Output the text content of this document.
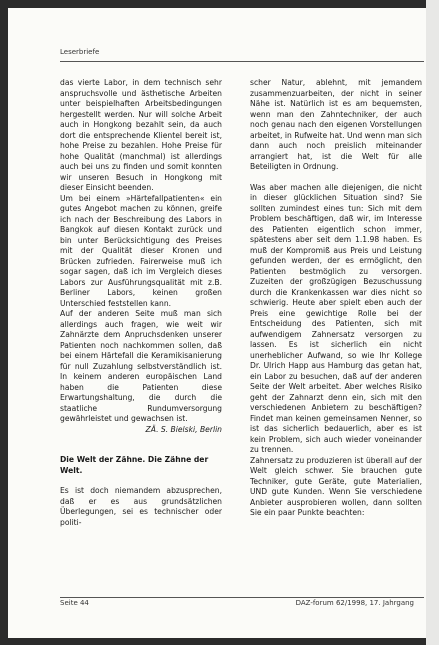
Leserbriefe

das vierte Labor, in dem technisch sehr anspruchsvolle und ästhetische Arbeiten unter beispielhaften Arbeitsbedingungen hergestellt werden. Nur will solche Arbeit auch in Hongkong bezahlt sein, da auch dort die entsprechende Klientel bereit ist, hohe Preise zu bezahlen. Hohe Preise für hohe Qualität (manchmal) ist allerdings auch bei uns zu finden und somit konnten wir unseren Besuch in Hongkong mit dieser Einsicht beenden.

Um bei einem »Härtefallpatienten« ein gutes Angebot machen zu können, greife ich nach der Beschreibung des Labors in Bangkok auf diesen Kontakt zurück und bin unter Berücksichtigung des Preises mit der Qualität dieser Kronen und Brücken zufrieden. Fairerweise muß ich sogar sagen, daß ich im Vergleich dieses Labors zur Ausführungsqualität mit z.B. Berliner Labors, keinen großen Unterschied feststellen kann.

Auf der anderen Seite muß man sich allerdings auch fragen, wie weit wir Zahnärzte dem Anpruchsdenken unserer Patienten noch nachkommen sollen, daß bei einem Härtefall die Keramikisanierung für null Zuzahlung selbstverständlich ist. In keinem anderen europäischen Land haben die Patienten diese Erwartungshaltung, die durch die staatliche Rundumversorgung gewährleistet und gewachsen ist.

ZÄ. S. Bielski, Berlin

Die Welt der Zähne. Die Zähne der Welt.

Es ist doch niemandem abzusprechen, daß er es aus grundsätzlichen Überlegungen, sei es technischer oder politi-

scher Natur, ablehnt, mit jemandem zusammenzuarbeiten, der nicht in seiner Nähe ist. Natürlich ist es am bequemsten, wenn man den Zahntechniker, der auch noch genau nach den eigenen Vorstellungen arbeitet, in Rufweite hat. Und wenn man sich dann auch noch preislich miteinander arrangiert hat, ist die Welt für alle Beteiligten in Ordnung.

Was aber machen alle diejenigen, die nicht in dieser glücklichen Situation sind? Sie sollten zumindest eines tun: Sich mit dem Problem beschäftigen, daß wir, im Interesse des Patienten eigentlich schon immer, spätestens aber seit dem 1.1.98 haben. Es muß der Kompromiß aus Preis und Leistung gefunden werden, der es ermöglicht, den Patienten bestmöglich zu versorgen. Zuzeiten der großzügigen Bezuschussung durch die Krankenkassen war dies nicht so schwierig. Heute aber spielt eben auch der Preis eine gewichtige Rolle bei der Entscheidung des Patienten, sich mit aufwendigem Zahnersatz versorgen zu lassen. Es ist sicherlich ein nicht unerheblicher Aufwand, so wie Ihr Kollege Dr. Ulrich Happ aus Hamburg das getan hat, ein Labor zu besuchen, daß auf der anderen Seite der Welt arbeitet. Aber welches Risiko geht der Zahnarzt denn ein, sich mit den verschiedenen Anbietern zu beschäftigen? Findet man keinen gemeinsamen Nenner, so ist das sicherlich bedauerlich, aber es ist kein Problem, sich auch wieder voneinander zu trennen.

Zahnersatz zu produzieren ist überall auf der Welt gleich schwer. Sie brauchen gute Techniker, gute Geräte, gute Materialien, UND gute Kunden. Wenn Sie verschiedene Anbieter ausprobieren wollen, dann sollten Sie ein paar Punkte beachten:

Seite 44	DAZ-forum 62/1998, 17. Jahrgang
